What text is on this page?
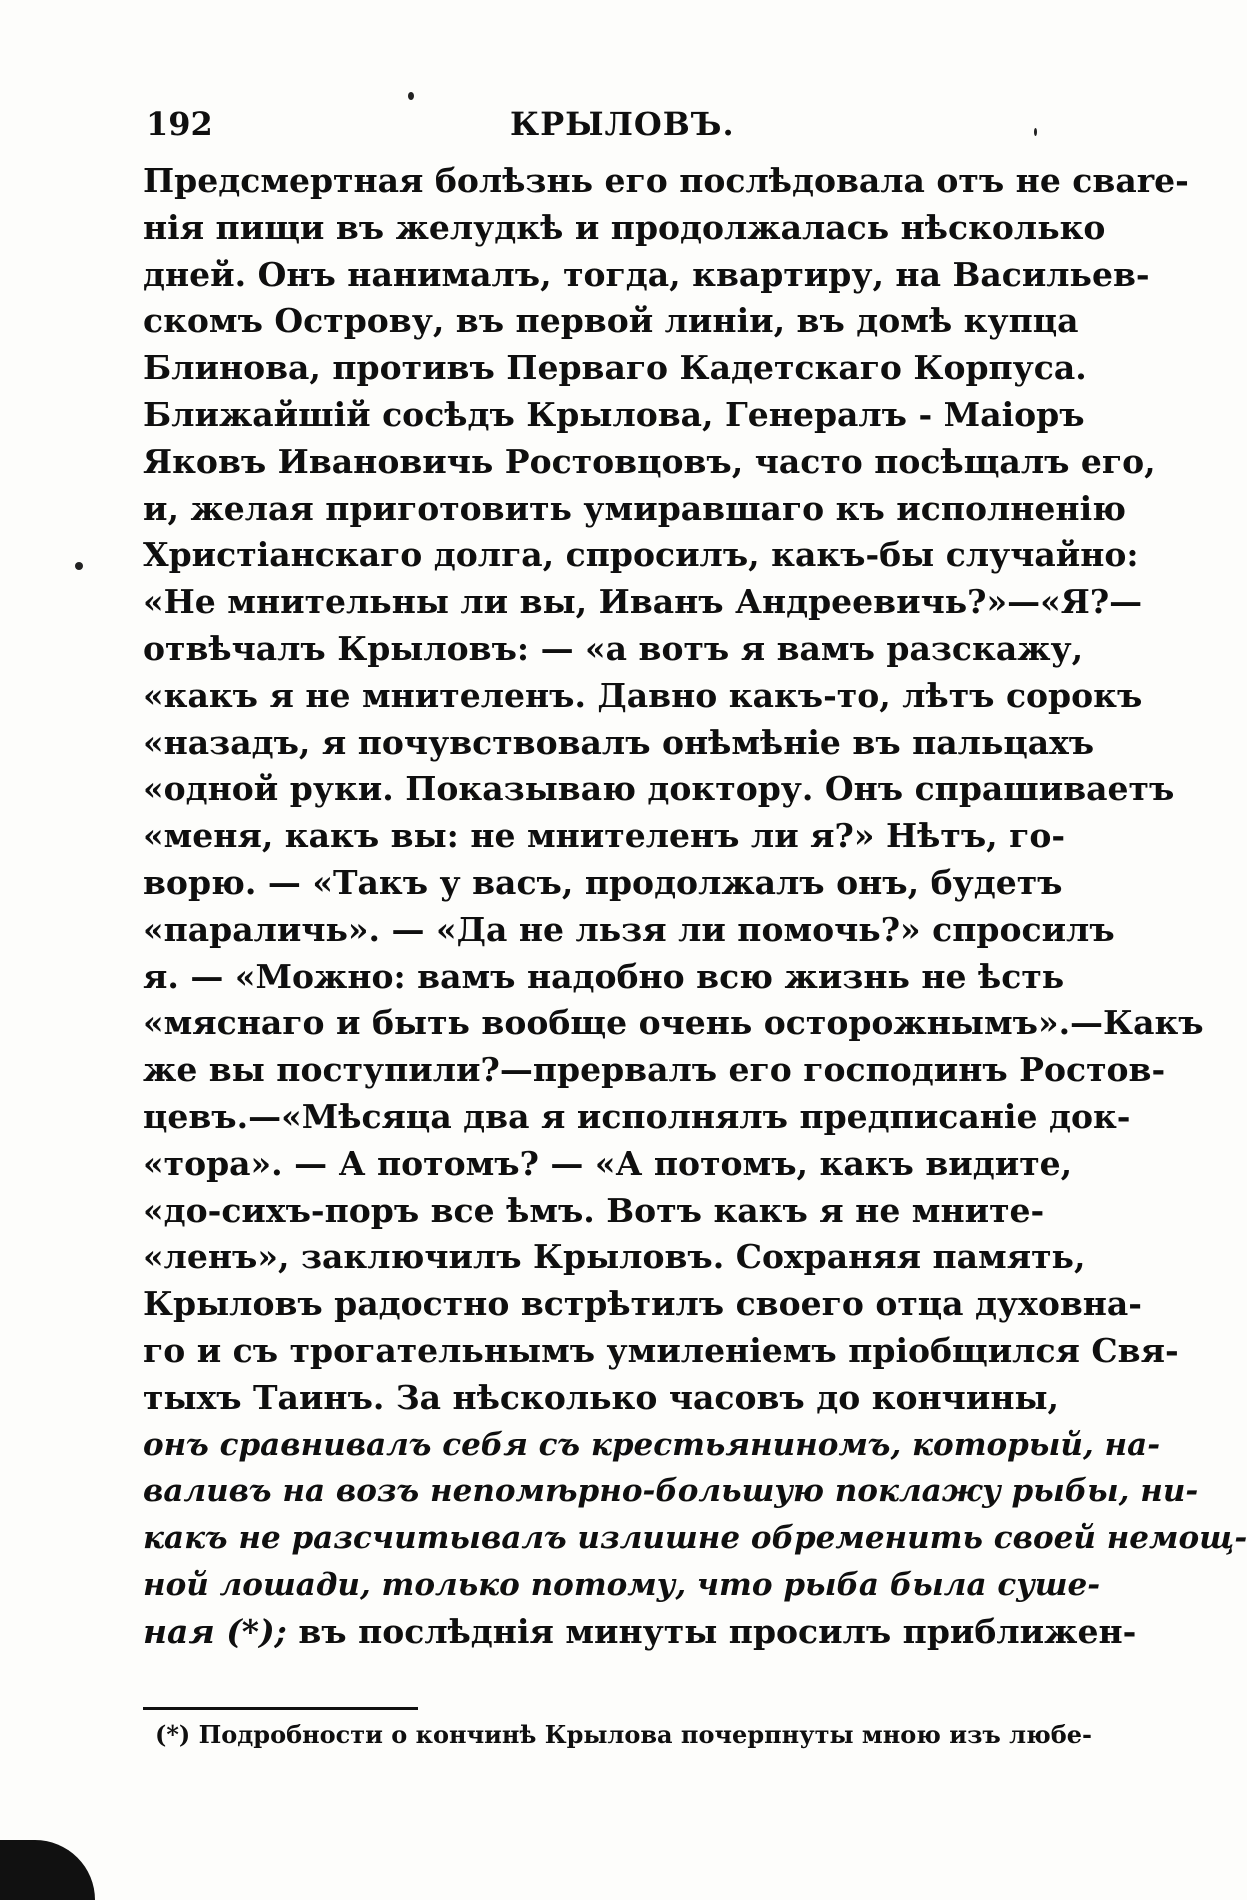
192	КРЫЛОВЪ.
Предсмертная болѣзнь его послѣдовала отъ не свare-
нія пищи въ желудкѣ и продолжалась нѣсколько
дней. Онъ нанималъ, тогда, квартиру, на Васильев-
скомъ Острову, въ первой линіи, въ домѣ купца
Блинова, противъ Перваго Кадетскаго Корпуса.
Ближайшій сосѣдъ Крылова, Генералъ - Маіоръ
Яковъ Ивановичь Ростовцовъ, часто посѣщалъ его,
и, желая приготовить умиравшаго къ исполненію
Христіанскаго долга, спросилъ, какъ-бы случайно:
«Не мнительны ли вы, Иванъ Андреевичь?»—«Я?—
отвѣчалъ Крыловъ: — «а вотъ я вамъ разскажу,
«какъ я не мнителенъ. Давно какъ-то, лѣтъ сорокъ
«назадъ, я почувствовалъ онѣмѣніе въ пальцахъ
«одной руки. Показываю доктору. Онъ спрашиваетъ
«меня, какъ вы: не мнителенъ ли я?» Нѣтъ, го-
ворю. — «Такъ у васъ, продолжалъ онъ, будетъ
«параличь». — «Да не льзя ли помочь?» спросилъ
я. — «Можно: вамъ надобно всю жизнь не ѣсть
«мяснаго и быть вообще очень осторожнымъ».—Какъ
же вы поступили?—прервалъ его господинъ Ростов-
цевъ.—«Мѣсяца два я исполнялъ предписаніе док-
«тора». — А потомъ? — «А потомъ, какъ видите,
«до-сихъ-поръ все ѣмъ. Вотъ какъ я не мните-
«ленъ», заключилъ Крыловъ. Сохраняя память,
Крыловъ радостно встрѣтилъ своего отца духовна-
го и съ трогательнымъ умиленіемъ пріобщился Свя-
тыхъ Таинъ. За нѣсколько часовъ до кончины,
онъ сравнивалъ себя съ крестьяниномъ, который, на-
валивъ на возъ непомѣрно-большую поклажу рыбы, ни-
какъ не разсчитывалъ излишне обременить своей немощ-
ной лошади, только потому, что рыба была суше-
ная (*); въ послѣднія минуты просилъ приближен-
(*) Подробности о кончинѣ Крылова почерпнуты мною изъ любе-
